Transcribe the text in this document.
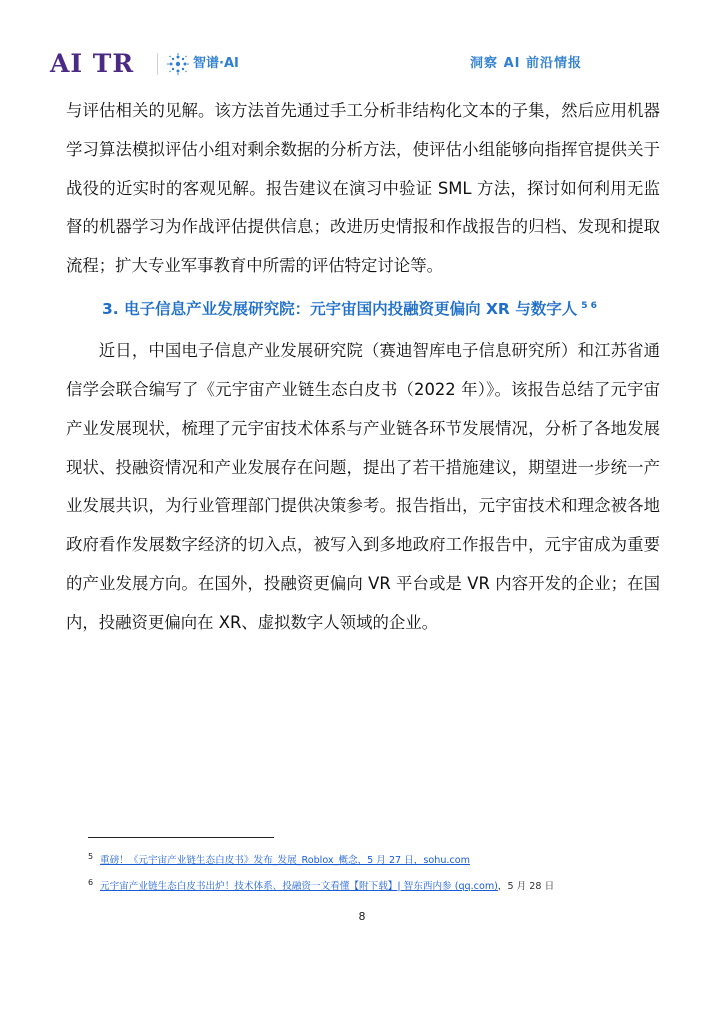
AI TR	智谱·AI	洞察 AI 前沿情报

与评估相关的见解。该方法首先通过手工分析非结构化文本的子集，然后应用机器学习算法模拟评估小组对剩余数据的分析方法，使评估小组能够向指挥官提供关于战役的近实时的客观见解。报告建议在演习中验证 SML 方法，探讨如何利用无监督的机器学习为作战评估提供信息；改进历史情报和作战报告的归档、发现和提取流程；扩大专业军事教育中所需的评估特定讨论等。

3. 电子信息产业发展研究院：元宇宙国内投融资更偏向 XR 与数字人 $^{5 6}$

近日，中国电子信息产业发展研究院（赛迪智库电子信息研究所）和江苏省通信学会联合编写了《元宇宙产业链生态白皮书（2022 年）》。该报告总结了元宇宙产业发展现状，梳理了元宇宙技术体系与产业链各环节发展情况，分析了各地发展现状、投融资情况和产业发展存在问题，提出了若干措施建议，期望进一步统一产业发展共识，为行业管理部门提供决策参考。报告指出，元宇宙技术和理念被各地政府看作发展数字经济的切入点，被写入到多地政府工作报告中，元宇宙成为重要的产业发展方向。在国外，投融资更偏向 VR 平台或是 VR 内容开发的企业；在国内，投融资更偏向在 XR、虚拟数字人领域的企业。

5 重磅！《元宇宙产业链生态白皮书》发布_发展_Roblox_概念，5 月 27 日，sohu.com
6 元宇宙产业链生态白皮书出炉！技术体系、投融资一文看懂【附下载】| 智东西内参 (qq.com)，5 月 28 日
8
